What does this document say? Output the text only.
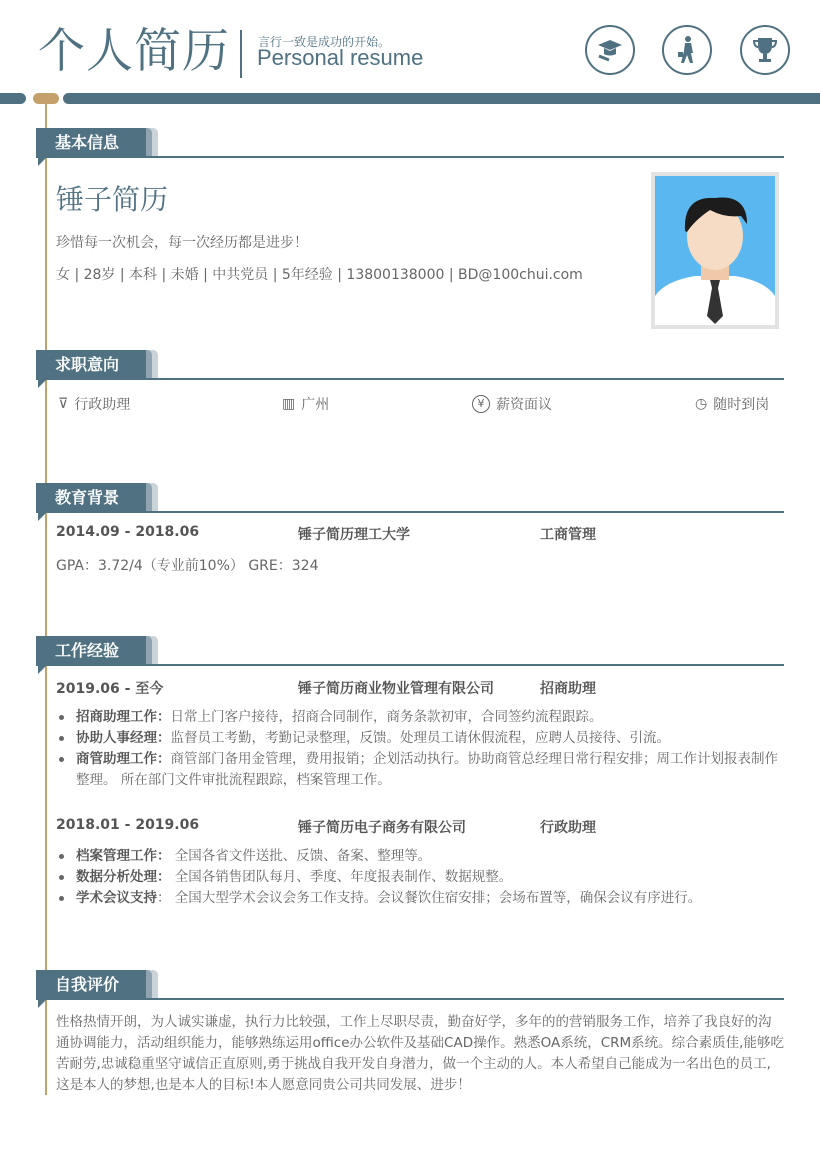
个人简历 言行一致是成功的开始。
Personal resume
基本信息
锤子简历
珍惜每一次机会，每一次经历都是进步！
女 | 28岁 | 本科 | 未婚 | 中共党员 | 5年经验 | 13800138000 | BD@100chui.com
求职意向
⊽ 行政助理	▥ 广州	¥ 薪资面议	◷ 随时到岗
教育背景
2014.09 - 2018.06	锤子简历理工大学	工商管理
GPA：3.72/4（专业前10%） GRE：324
工作经验
2019.06 - 至今	锤子简历商业物业管理有限公司	招商助理
招商助理工作：日常上门客户接待，招商合同制作，商务条款初审，合同签约流程跟踪。
协助人事经理：监督员工考勤，考勤记录整理，反馈。处理员工请休假流程，应聘人员接待、引流。
商管助理工作：商管部门备用金管理，费用报销；企划活动执行。协助商管总经理日常行程安排；周工作计划报表制作整理。 所在部门文件审批流程跟踪，档案管理工作。
2018.01 - 2019.06	锤子简历电子商务有限公司	行政助理
档案管理工作： 全国各省文件送批、反馈、备案、整理等。
数据分析处理： 全国各销售团队每月、季度、年度报表制作、数据规整。
学术会议支持： 全国大型学术会议会务工作支持。会议餐饮住宿安排；会场布置等，确保会议有序进行。
自我评价
性格热情开朗，为人诚实谦虚，执行力比较强，工作上尽职尽责，勤奋好学，多年的的营销服务工作，培养了我良好的沟通协调能力，活动组织能力，能够熟练运用office办公软件及基础CAD操作。熟悉OA系统，CRM系统。综合素质佳,能够吃苦耐劳,忠诚稳重坚守诚信正直原则,勇于挑战自我开发自身潜力，做一个主动的人。本人希望自己能成为一名出色的员工,这是本人的梦想,也是本人的目标!本人愿意同贵公司共同发展、进步！
